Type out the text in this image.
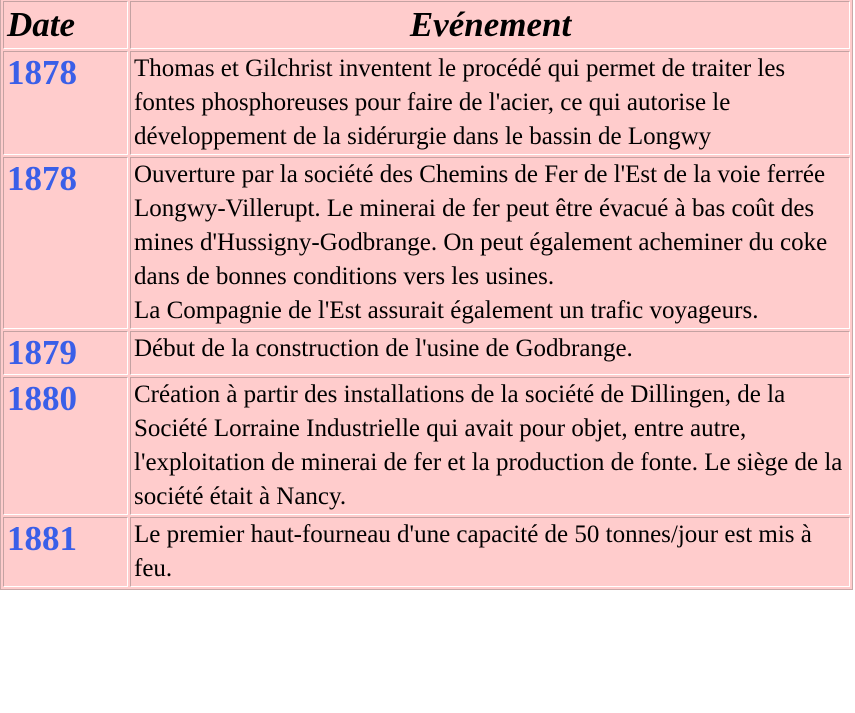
Date	Evénement
1878	Thomas et Gilchrist inventent le procédé qui permet de traiter les fontes phosphoreuses pour faire de l'acier, ce qui autorise le développement de la sidérurgie dans le bassin de Longwy

1878	Ouverture par la société des Chemins de Fer de l'Est de la voie ferrée Longwy-Villerupt. Le minerai de fer peut être évacué à bas coût des mines d'Hussigny-Godbrange. On peut également acheminer du coke dans de bonnes conditions vers les usines.
La Compagnie de l'Est assurait également un trafic voyageurs.

1879	Début de la construction de l'usine de Godbrange.

1880	Création à partir des installations de la société de Dillingen, de la Société Lorraine Industrielle qui avait pour objet, entre autre, l'exploitation de minerai de fer et la production de fonte. Le siège de la société était à Nancy.

1881	Le premier haut-fourneau d'une capacité de 50 tonnes/jour est mis à feu.
